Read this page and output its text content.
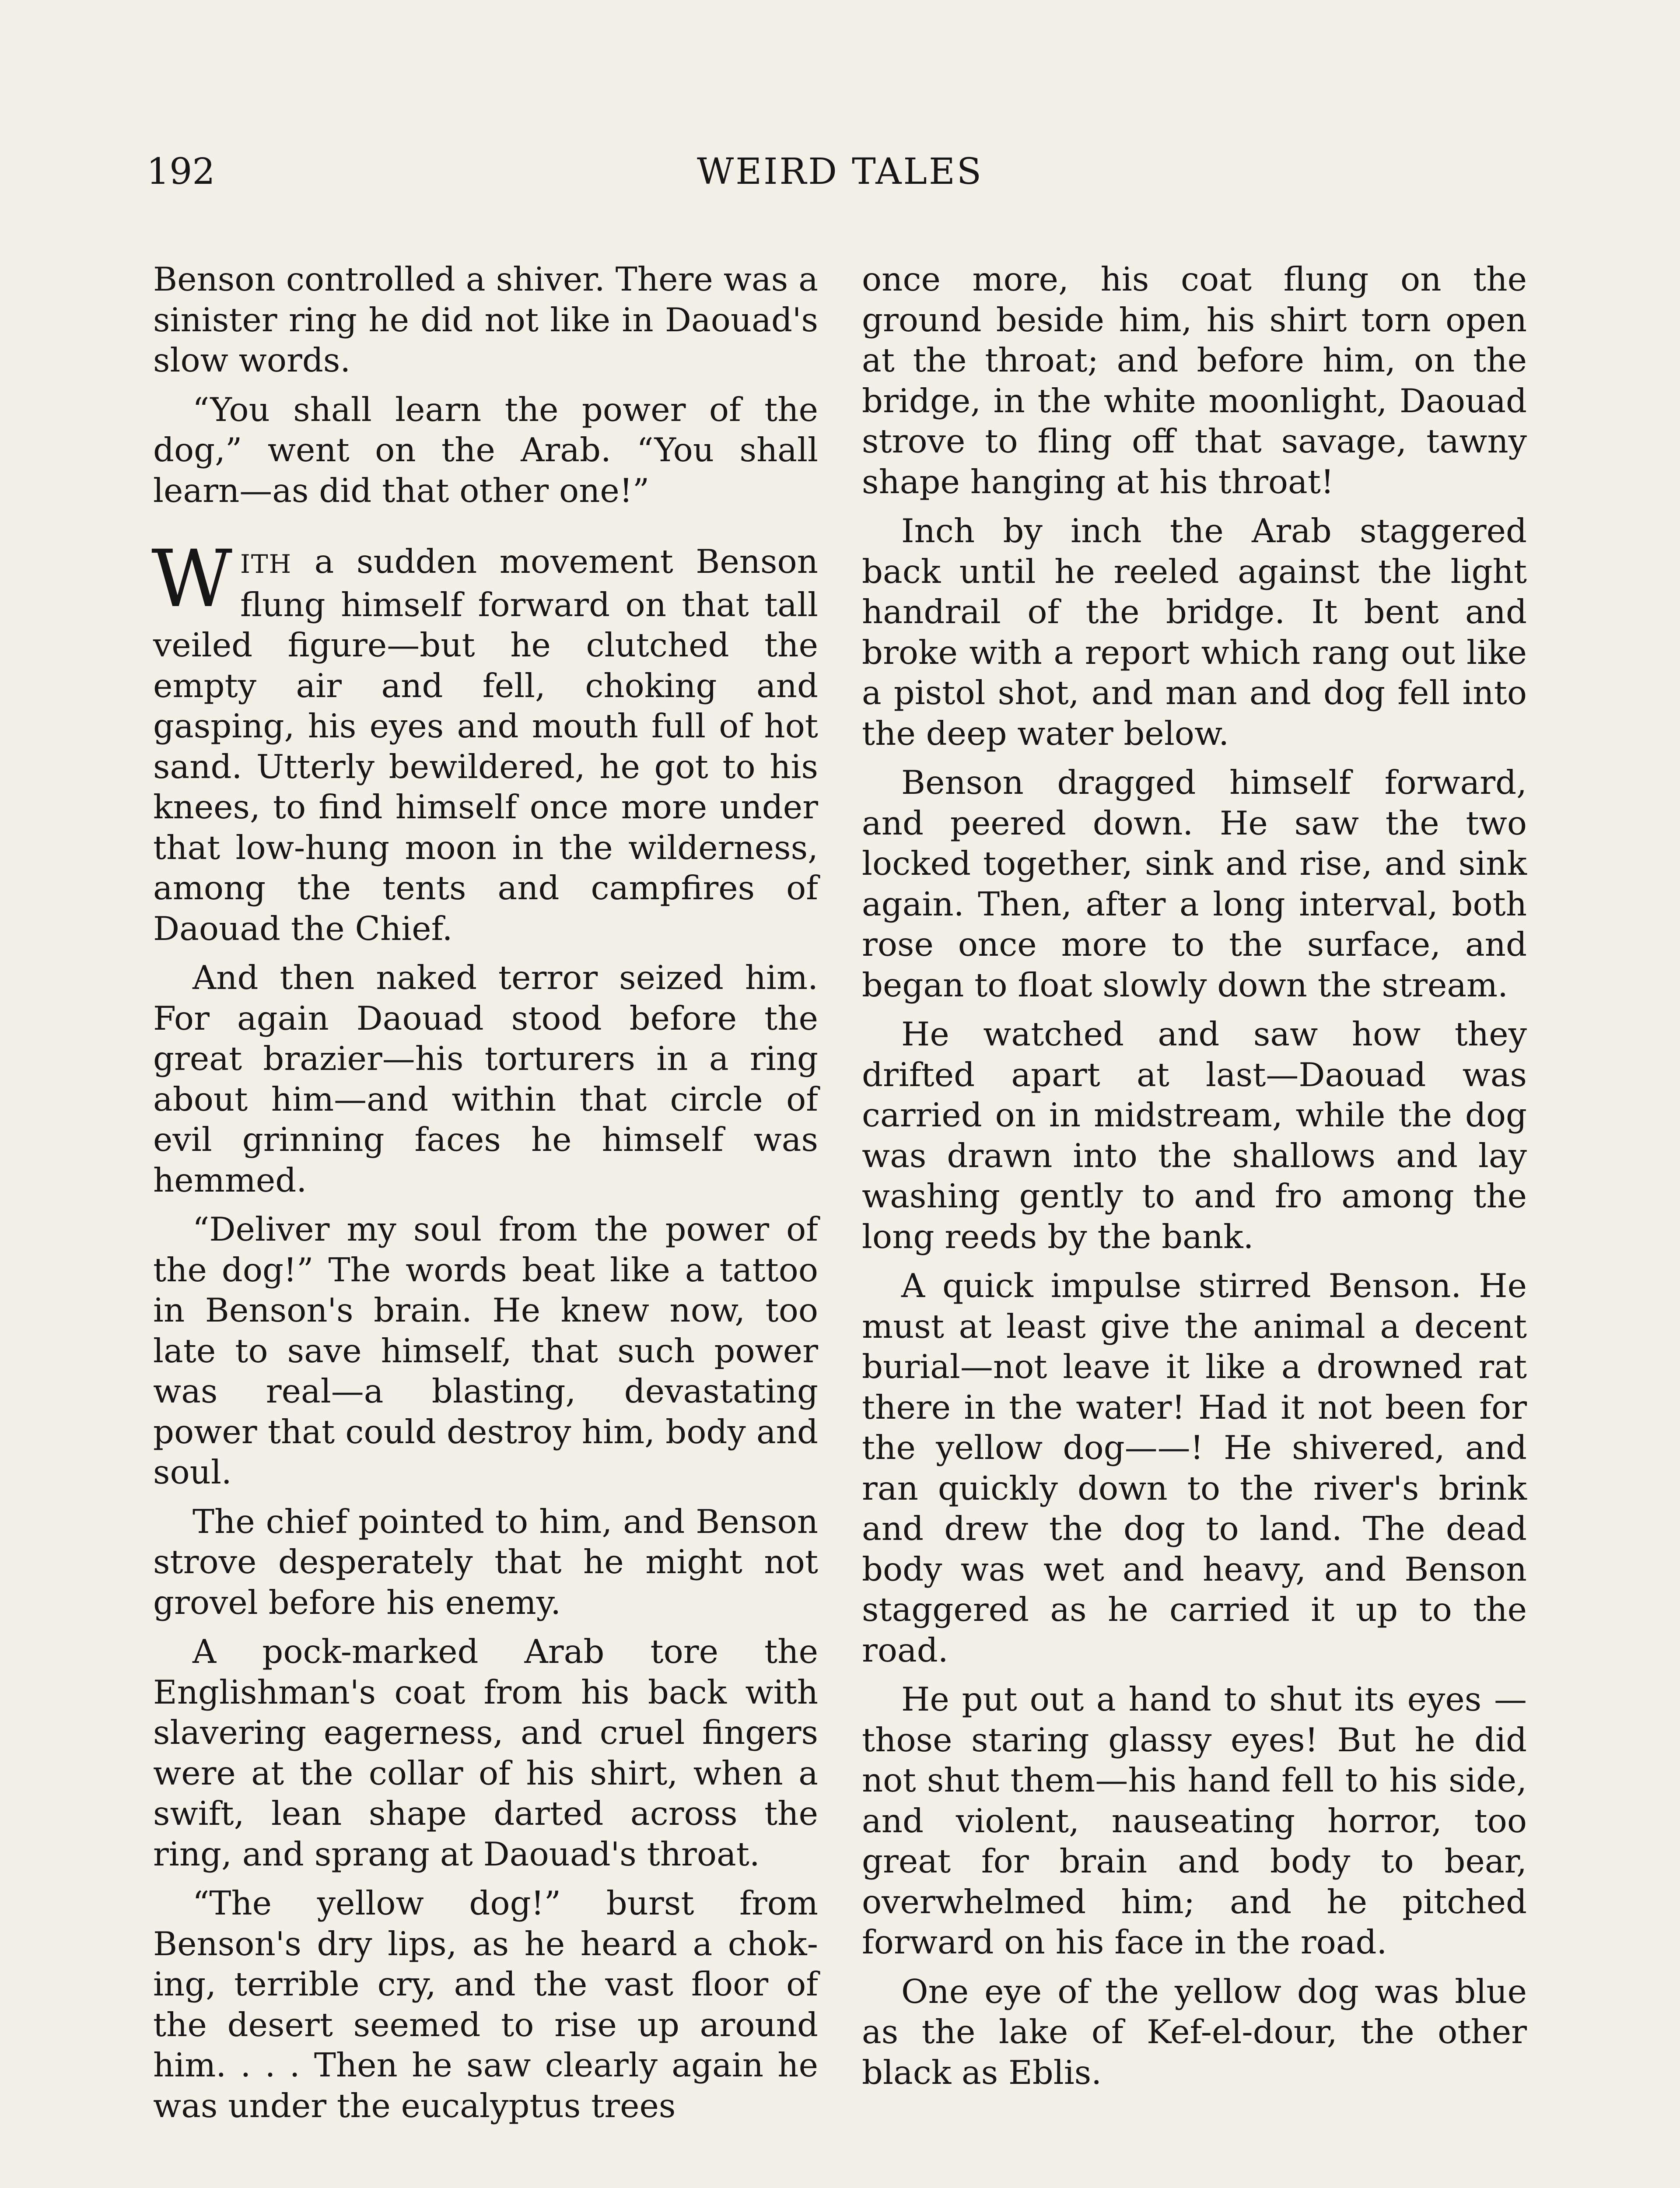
192	WEIRD TALES

Benson controlled a shiver. There was a sinister ring he did not like in Daouad's slow words.

“You shall learn the power of the dog,” went on the Arab. “You shall learn—as did that other one!”

WITH a sudden movement Benson flung himself forward on that tall veiled figure—but he clutched the empty air and fell, choking and gasping, his eyes and mouth full of hot sand. Utterly bewildered, he got to his knees, to find himself once more under that low-hung moon in the wilderness, among the tents and campfires of Daouad the Chief.

And then naked terror seized him. For again Daouad stood before the great brazier—his torturers in a ring about him—and within that circle of evil grinning faces he himself was hemmed.

“Deliver my soul from the power of the dog!” The words beat like a tattoo in Benson's brain. He knew now, too late to save himself, that such power was real—a blasting, devastating power that could destroy him, body and soul.

The chief pointed to him, and Benson strove desperately that he might not grovel before his enemy.

A pock-marked Arab tore the Englishman's coat from his back with slavering eagerness, and cruel fingers were at the collar of his shirt, when a swift, lean shape darted across the ring, and sprang at Daouad's throat.

“The yellow dog!” burst from Benson's dry lips, as he heard a choking, terrible cry, and the vast floor of the desert seemed to rise up around him. . . . Then he saw clearly again he was under the eucalyptus trees

once more, his coat flung on the ground beside him, his shirt torn open at the throat; and before him, on the bridge, in the white moonlight, Daouad strove to fling off that savage, tawny shape hanging at his throat!

Inch by inch the Arab staggered back until he reeled against the light handrail of the bridge. It bent and broke with a report which rang out like a pistol shot, and man and dog fell into the deep water below.

Benson dragged himself forward, and peered down. He saw the two locked together, sink and rise, and sink again. Then, after a long interval, both rose once more to the surface, and began to float slowly down the stream.

He watched and saw how they drifted apart at last—Daouad was carried on in midstream, while the dog was drawn into the shallows and lay washing gently to and fro among the long reeds by the bank.

A quick impulse stirred Benson. He must at least give the animal a decent burial—not leave it like a drowned rat there in the water! Had it not been for the yellow dog——! He shivered, and ran quickly down to the river's brink and drew the dog to land. The dead body was wet and heavy, and Benson staggered as he carried it up to the road.

He put out a hand to shut its eyes —those staring glassy eyes! But he did not shut them—his hand fell to his side, and violent, nauseating horror, too great for brain and body to bear, overwhelmed him; and he pitched forward on his face in the road.

One eye of the yellow dog was blue as the lake of Kef-el-dour, the other black as Eblis.
